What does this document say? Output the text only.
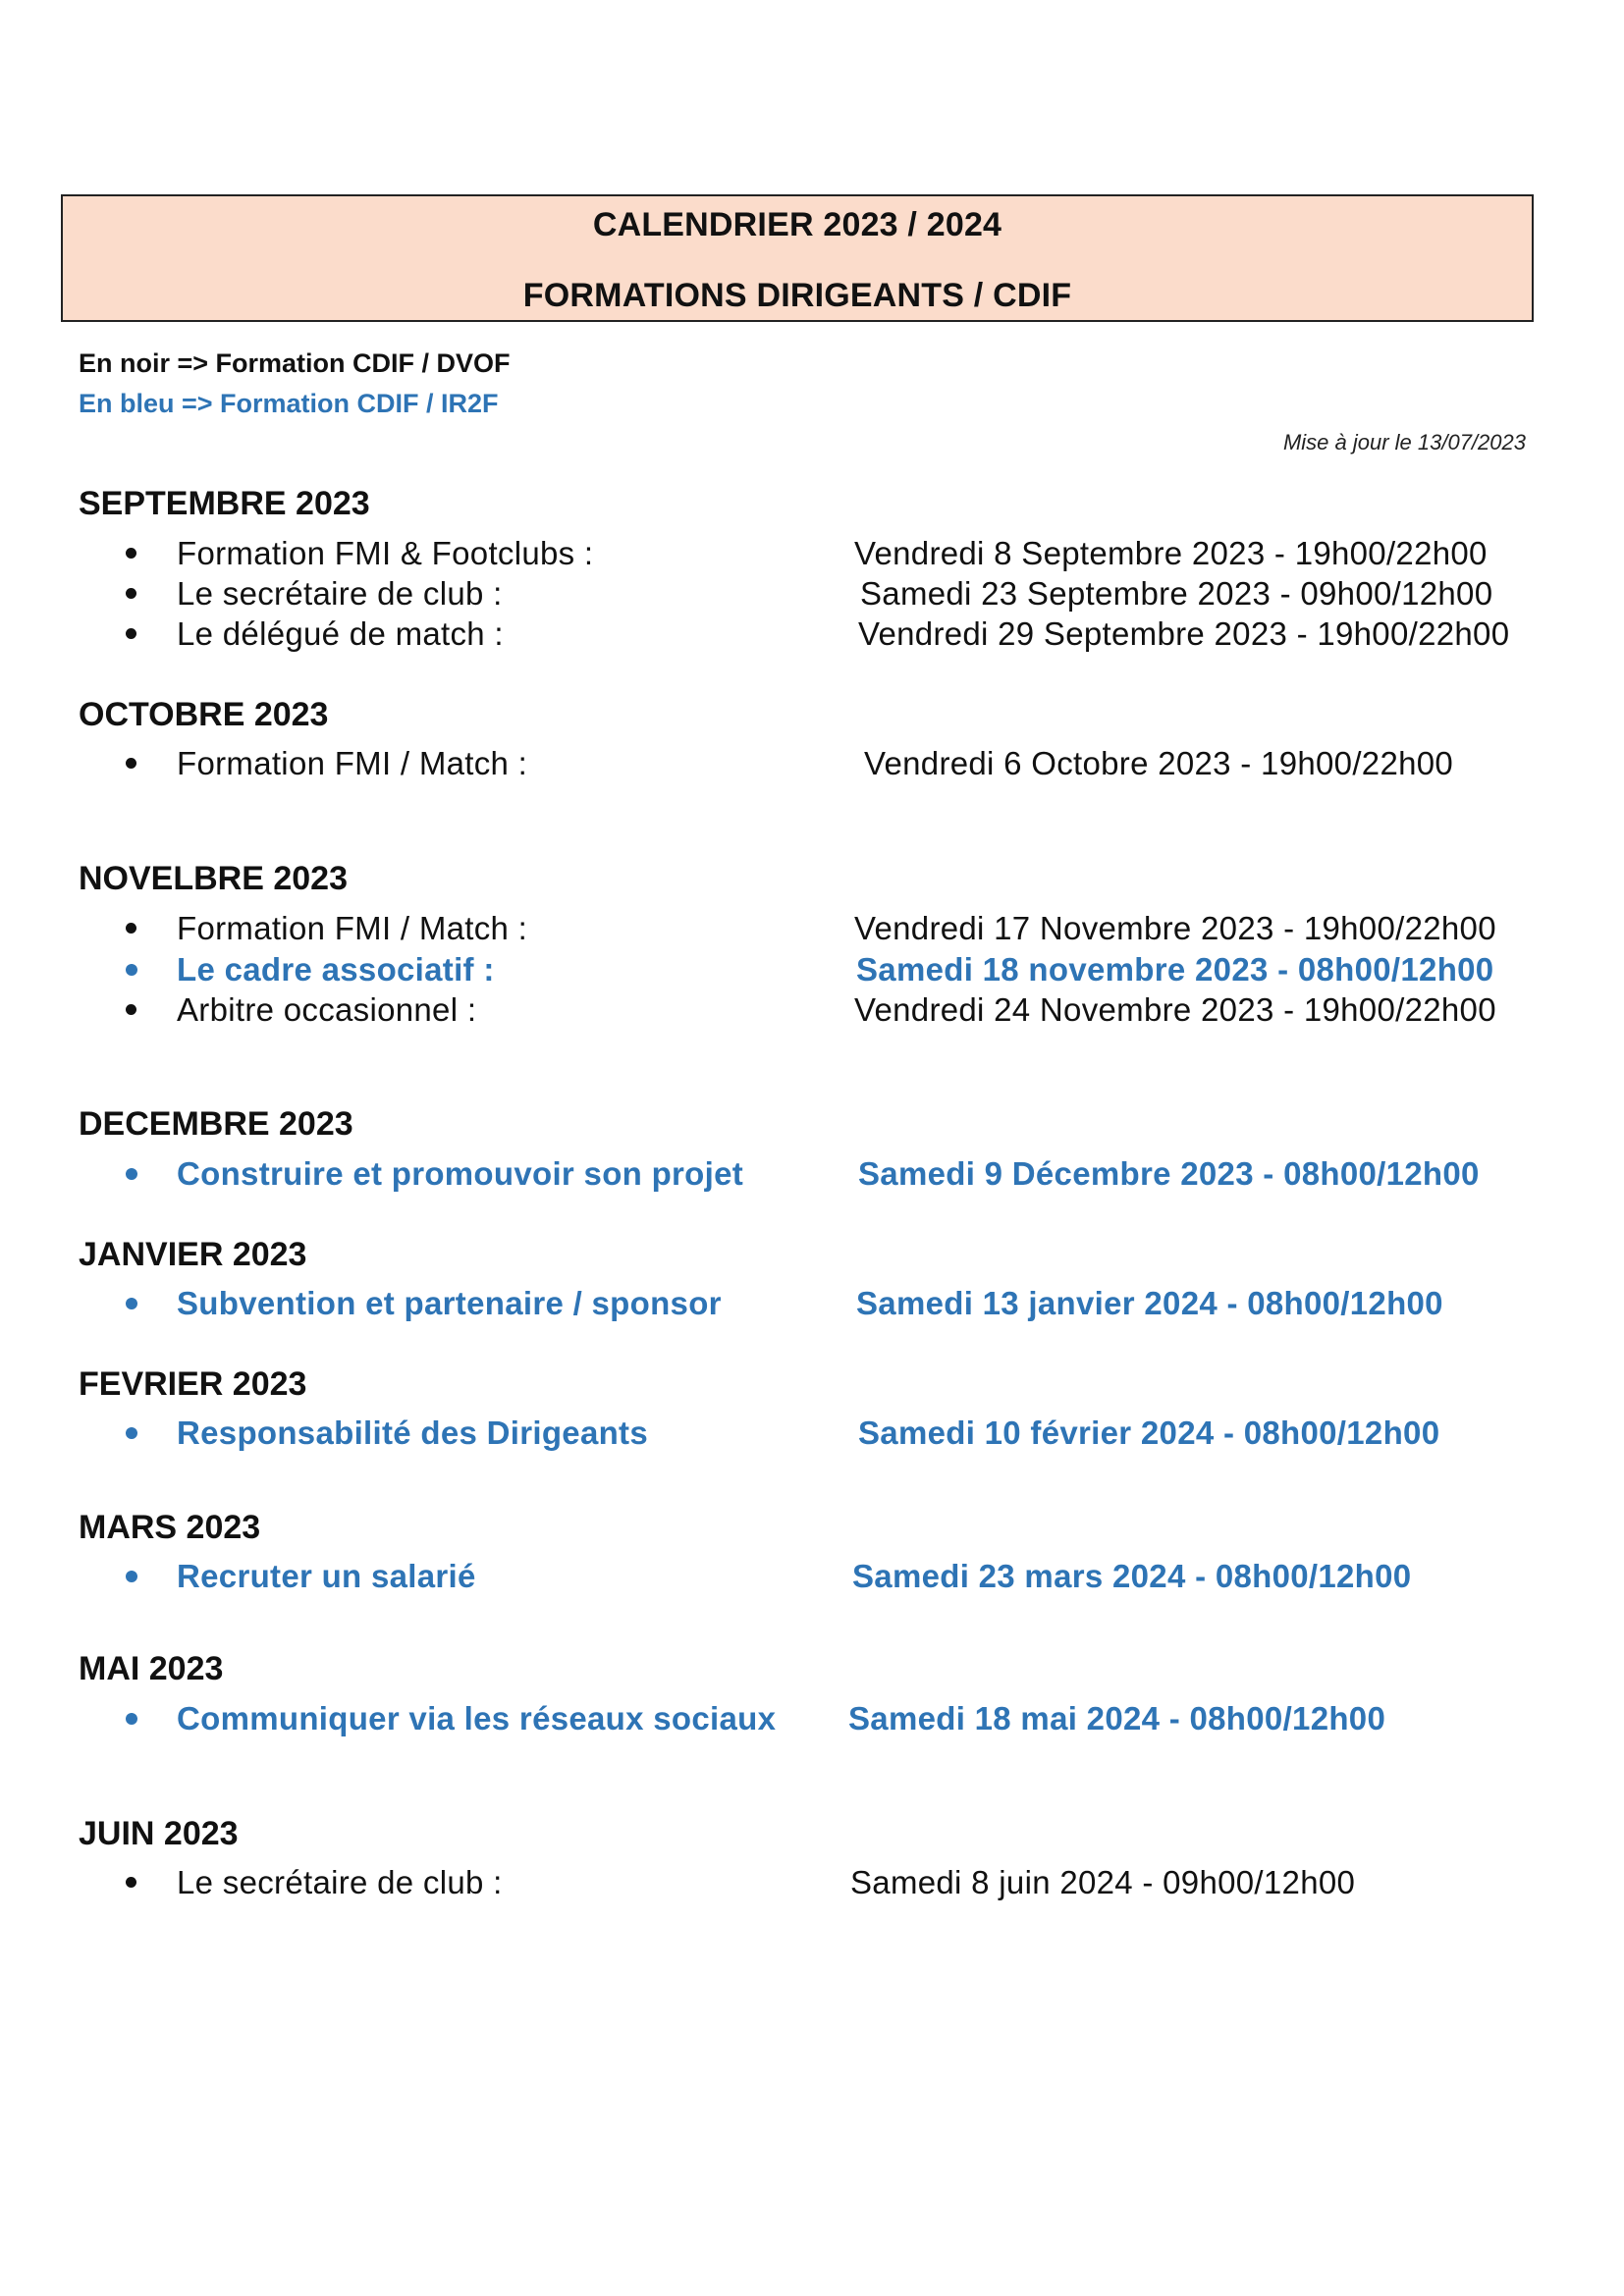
CALENDRIER 2023 / 2024
FORMATIONS DIRIGEANTS / CDIF
En noir => Formation CDIF / DVOF
En bleu => Formation CDIF / IR2F
Mise à jour le 13/07/2023
SEPTEMBRE 2023
Formation FMI & Footclubs :	Vendredi 8 Septembre 2023 - 19h00/22h00
Le secrétaire de club :	Samedi 23 Septembre 2023 - 09h00/12h00
Le délégué de match :	Vendredi 29 Septembre 2023 - 19h00/22h00
OCTOBRE 2023
Formation FMI / Match :	Vendredi 6 Octobre 2023 - 19h00/22h00
NOVELBRE 2023
Formation FMI / Match :	Vendredi 17 Novembre 2023 - 19h00/22h00
Le cadre associatif :	Samedi 18 novembre 2023 - 08h00/12h00
Arbitre occasionnel :	Vendredi 24 Novembre 2023 - 19h00/22h00
DECEMBRE 2023
Construire et promouvoir son projet	Samedi 9 Décembre 2023 - 08h00/12h00
JANVIER 2023
Subvention et partenaire / sponsor	Samedi 13 janvier 2024 - 08h00/12h00
FEVRIER 2023
Responsabilité des Dirigeants	Samedi 10 février 2024 - 08h00/12h00
MARS 2023
Recruter un salarié	Samedi 23 mars 2024 - 08h00/12h00
MAI 2023
Communiquer via les réseaux sociaux Samedi 18 mai 2024 - 08h00/12h00
JUIN 2023
Le secrétaire de club :	Samedi 8 juin 2024 - 09h00/12h00
